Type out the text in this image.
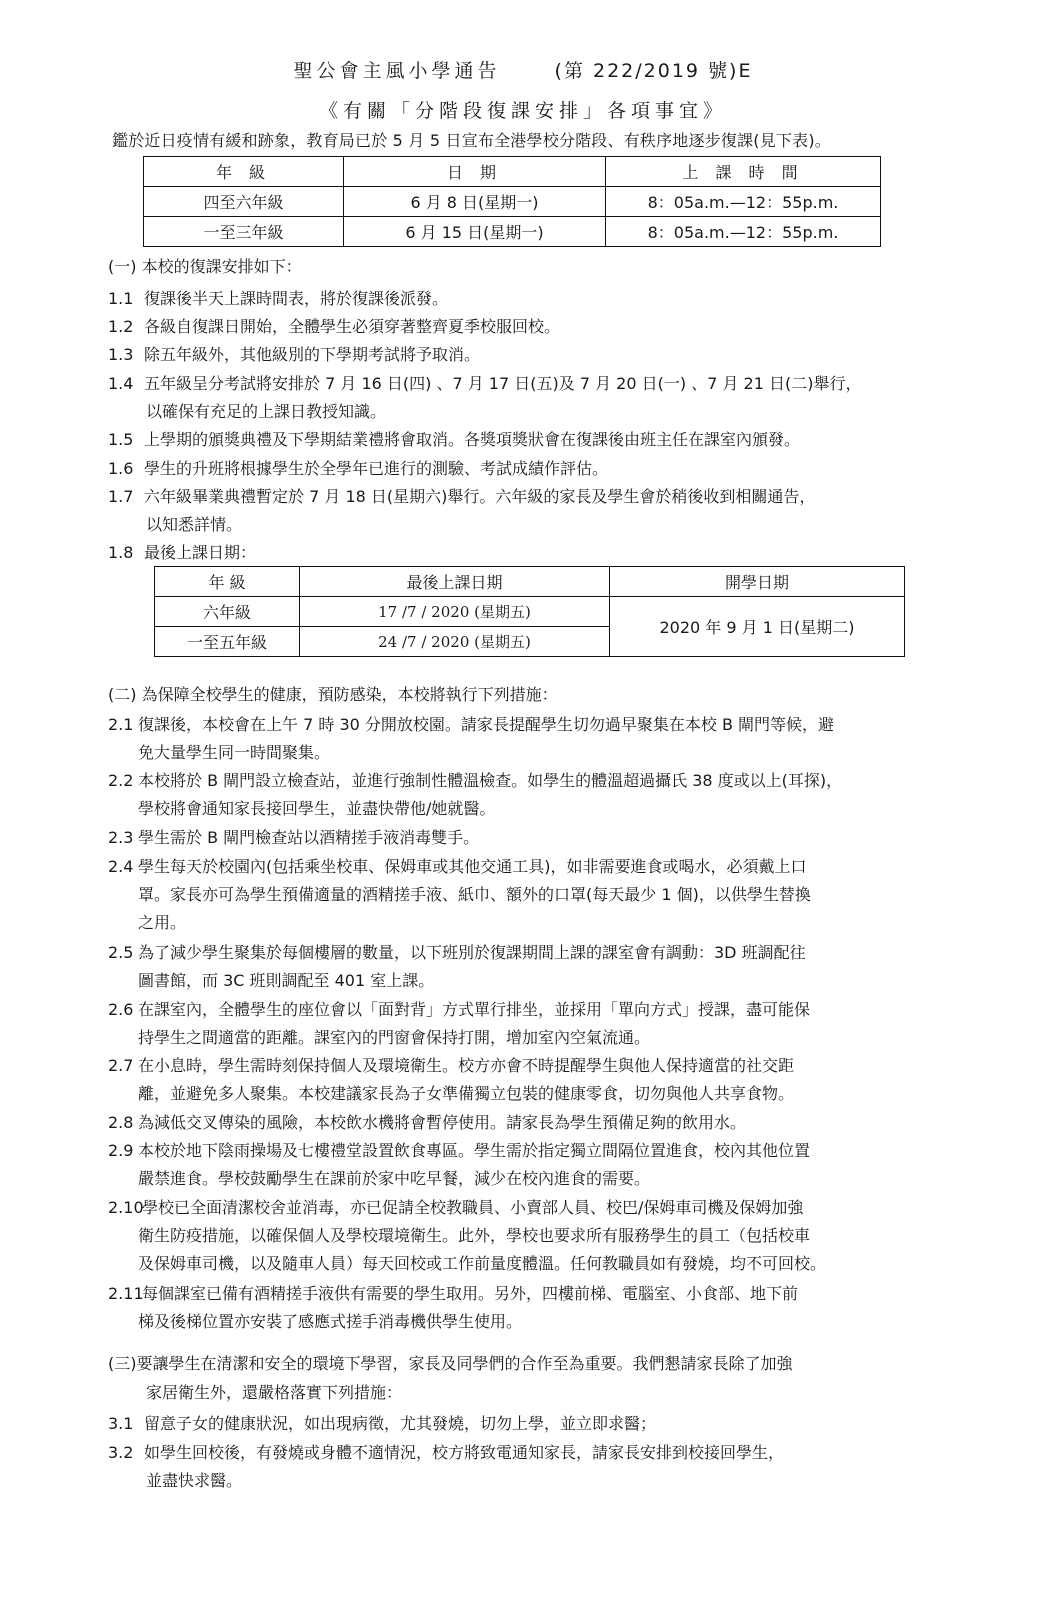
聖公會主風小學通告	(第 222/2019 號)E
《有關「分階段復課安排」各項事宜》
鑑於近日疫情有緩和跡象，教育局已於 5 月 5 日宣布全港學校分階段、有秩序地逐步復課(見下表)。
年 級	日 期	上 課 時 間
四至六年級	6 月 8 日(星期一)	8：05a.m.—12：55p.m.
一至三年級	6 月 15 日(星期一)	8：05a.m.—12：55p.m.
(一) 本校的復課安排如下：
1.1 復課後半天上課時間表，將於復課後派發。
1.2 各級自復課日開始，全體學生必須穿著整齊夏季校服回校。
1.3 除五年級外，其他級別的下學期考試將予取消。
1.4 五年級呈分考試將安排於 7 月 16 日(四) 、7 月 17 日(五)及 7 月 20 日(一) 、7 月 21 日(二)舉行，
以確保有充足的上課日教授知識。
1.5 上學期的頒獎典禮及下學期結業禮將會取消。各獎項獎狀會在復課後由班主任在課室內頒發。
1.6 學生的升班將根據學生於全學年已進行的測驗、考試成績作評估。
1.7 六年級畢業典禮暫定於 7 月 18 日(星期六)舉行。六年級的家長及學生會於稍後收到相關通告，
以知悉詳情。
1.8 最後上課日期：
年 級	最後上課日期	開學日期
六年級	17 /7 / 2020 (星期五)	2020 年 9 月 1 日(星期二)
一至五年級	24 /7 / 2020 (星期五)	
(二) 為保障全校學生的健康，預防感染，本校將執行下列措施：
2.1 復課後，本校會在上午 7 時 30 分開放校園。請家長提醒學生切勿過早聚集在本校 B 閘門等候，避
免大量學生同一時間聚集。
2.2 本校將於 B 閘門設立檢查站，並進行強制性體溫檢查。如學生的體溫超過攝氏 38 度或以上(耳探)，
學校將會通知家長接回學生，並盡快帶他/她就醫。
2.3 學生需於 B 閘門檢查站以酒精搓手液消毒雙手。
2.4 學生每天於校園內(包括乘坐校車、保姆車或其他交通工具)，如非需要進食或喝水，必須戴上口
罩。家長亦可為學生預備適量的酒精搓手液、紙巾、額外的口罩(每天最少 1 個)，以供學生替換
之用。
2.5 為了減少學生聚集於每個樓層的數量，以下班別於復課期間上課的課室會有調動：3D 班調配往
圖書館，而 3C 班則調配至 401 室上課。
2.6 在課室內，全體學生的座位會以「面對背」方式單行排坐，並採用「單向方式」授課，盡可能保
持學生之間適當的距離。課室內的門窗會保持打開，增加室內空氣流通。
2.7 在小息時，學生需時刻保持個人及環境衛生。校方亦會不時提醒學生與他人保持適當的社交距
離，並避免多人聚集。本校建議家長為子女準備獨立包裝的健康零食，切勿與他人共享食物。
2.8 為減低交叉傳染的風險，本校飲水機將會暫停使用。請家長為學生預備足夠的飲用水。
2.9 本校於地下陰雨操場及七樓禮堂設置飲食專區。學生需於指定獨立間隔位置進食，校內其他位置
嚴禁進食。學校鼓勵學生在課前於家中吃早餐，減少在校內進食的需要。
2.10學校已全面清潔校舍並消毒，亦已促請全校教職員、小賣部人員、校巴/保姆車司機及保姆加強
衛生防疫措施，以確保個人及學校環境衛生。此外，學校也要求所有服務學生的員工（包括校車
及保姆車司機，以及隨車人員）每天回校或工作前量度體溫。任何教職員如有發燒，均不可回校。
2.11每個課室已備有酒精搓手液供有需要的學生取用。另外，四樓前梯、電腦室、小食部、地下前
梯及後梯位置亦安裝了感應式搓手消毒機供學生使用。
(三)要讓學生在清潔和安全的環境下學習，家長及同學們的合作至為重要。我們懇請家長除了加強
家居衛生外，還嚴格落實下列措施：
3.1 留意子女的健康狀況，如出現病徵，尤其發燒，切勿上學，並立即求醫；
3.2 如學生回校後，有發燒或身體不適情況，校方將致電通知家長，請家長安排到校接回學生，
並盡快求醫。
